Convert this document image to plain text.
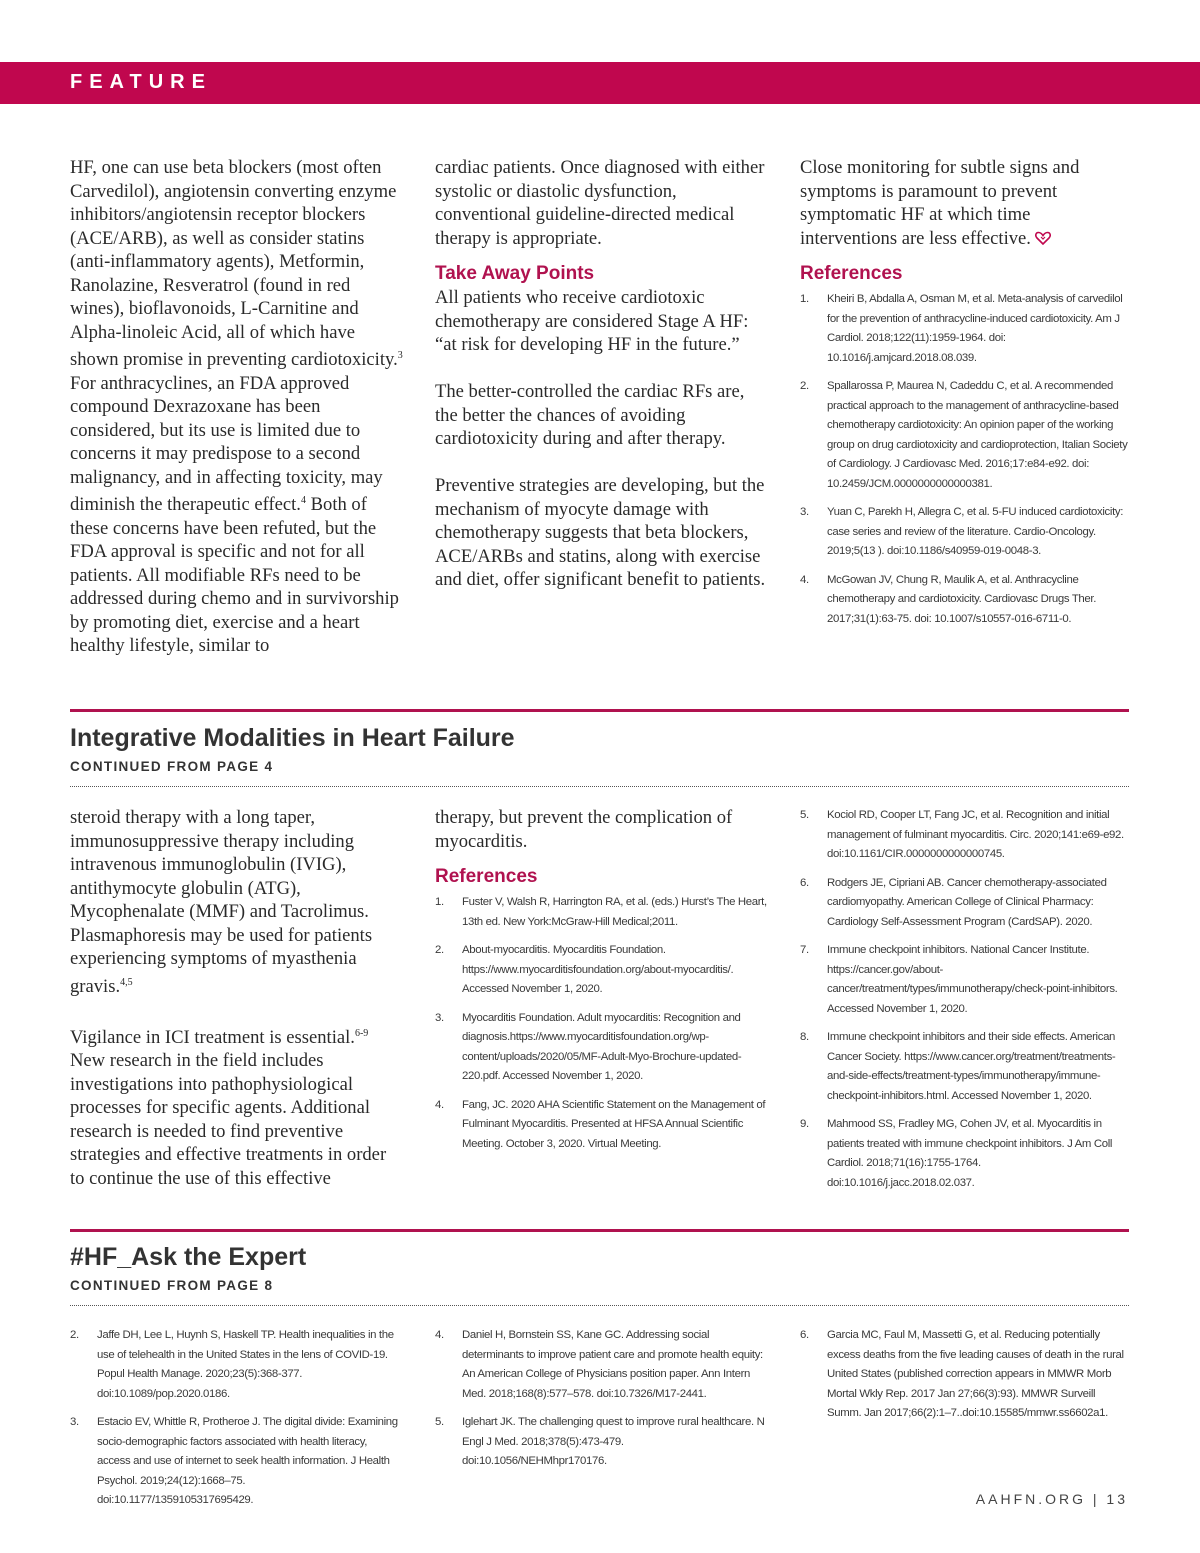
FEATURE

HF, one can use beta blockers (most often Carvedilol), angiotensin converting enzyme inhibitors/angiotensin receptor blockers (ACE/ARB), as well as consider statins (anti-inflammatory agents), Metformin, Ranolazine, Resveratrol (found in red wines), bioflavonoids, L-Carnitine and Alpha-linoleic Acid, all of which have shown promise in preventing cardiotoxicity.$^3$ For anthracyclines, an FDA approved compound Dexrazoxane has been considered, but its use is limited due to concerns it may predispose to a second malignancy, and in affecting toxicity, may diminish the therapeutic effect.$^4$ Both of these concerns have been refuted, but the FDA approval is specific and not for all patients. All modifiable RFs need to be addressed during chemo and in survivorship by promoting diet, exercise and a heart healthy lifestyle, similar to

cardiac patients. Once diagnosed with either systolic or diastolic dysfunction, conventional guideline-directed medical therapy is appropriate.

Take Away Points

All patients who receive cardiotoxic chemotherapy are considered Stage A HF: “at risk for developing HF in the future.”

The better-controlled the cardiac RFs are, the better the chances of avoiding cardiotoxicity during and after therapy.

Preventive strategies are developing, but the mechanism of myocyte damage with chemotherapy suggests that beta blockers, ACE/ARBs and statins, along with exercise and diet, offer significant benefit to patients.

Close monitoring for subtle signs and symptoms is paramount to prevent symptomatic HF at which time interventions are less effective.

References

1. Kheiri B, Abdalla A, Osman M, et al. Meta-analysis of carvedilol for the prevention of anthracycline-induced cardiotoxicity. Am J Cardiol. 2018;122(11):1959-1964. doi: 10.1016/j.amjcard.2018.08.039.
2. Spallarossa P, Maurea N, Cadeddu C, et al. A recommended practical approach to the management of anthracycline-based chemotherapy cardiotoxicity: An opinion paper of the working group on drug cardiotoxicity and cardioprotection, Italian Society of Cardiology. J Cardiovasc Med. 2016;17:e84-e92. doi: 10.2459/JCM.0000000000000381.
3. Yuan C, Parekh H, Allegra C, et al. 5-FU induced cardiotoxicity: case series and review of the literature. Cardio-Oncology. 2019;5(13 ). doi:10.1186/s40959-019-0048-3.
4. McGowan JV, Chung R, Maulik A, et al. Anthracycline chemotherapy and cardiotoxicity. Cardiovasc Drugs Ther. 2017;31(1):63-75. doi: 10.1007/s10557-016-6711-0.
Integrative Modalities in Heart Failure
CONTINUED FROM PAGE 4

steroid therapy with a long taper, immunosuppressive therapy including intravenous immunoglobulin (IVIG), antithymocyte globulin (ATG), Mycophenalate (MMF) and Tacrolimus. Plasmaphoresis may be used for patients experiencing symptoms of myasthenia gravis.$^{4,5}$

Vigilance in ICI treatment is essential.$^{6-9}$ New research in the field includes investigations into pathophysiological processes for specific agents. Additional research is needed to find preventive strategies and effective treatments in order to continue the use of this effective

therapy, but prevent the complication of myocarditis.

References

1. Fuster V, Walsh R, Harrington RA, et al. (eds.) Hurst’s The Heart, 13th ed. New York:McGraw-Hill Medical;2011.
2. About-myocarditis. Myocarditis Foundation. https://www.myocarditisfoundation.org/about-myocarditis/. Accessed November 1, 2020.
3. Myocarditis Foundation. Adult myocarditis: Recognition and diagnosis.https://www.myocarditisfoundation.org/wp-content/uploads/2020/05/MF-Adult-Myo-Brochure-updated-220.pdf. Accessed November 1, 2020.
4. Fang, JC. 2020 AHA Scientific Statement on the Management of Fulminant Myocarditis. Presented at HFSA Annual Scientific Meeting. October 3, 2020. Virtual Meeting.
5. Kociol RD, Cooper LT, Fang JC, et al. Recognition and initial management of fulminant myocarditis. Circ. 2020;141:e69-e92. doi:10.1161/CIR.0000000000000745.
6. Rodgers JE, Cipriani AB. Cancer chemotherapy-associated cardiomyopathy. American College of Clinical Pharmacy: Cardiology Self-Assessment Program (CardSAP). 2020.
7. Immune checkpoint inhibitors. National Cancer Institute. https://cancer.gov/about-cancer/treatment/types/immunotherapy/check-point-inhibitors. Accessed November 1, 2020.
8. Immune checkpoint inhibitors and their side effects. American Cancer Society. https://www.cancer.org/treatment/treatments-and-side-effects/treatment-types/immunotherapy/immune-checkpoint-inhibitors.html. Accessed November 1, 2020.
9. Mahmood SS, Fradley MG, Cohen JV, et al. Myocarditis in patients treated with immune checkpoint inhibitors. J Am Coll Cardiol. 2018;71(16):1755-1764. doi:10.1016/j.jacc.2018.02.037.
#HF_Ask the Expert
CONTINUED FROM PAGE 8
2. Jaffe DH, Lee L, Huynh S, Haskell TP. Health inequalities in the use of telehealth in the United States in the lens of COVID-19. Popul Health Manage. 2020;23(5):368-377. doi:10.1089/pop.2020.0186.
3. Estacio EV, Whittle R, Protheroe J. The digital divide: Examining socio-demographic factors associated with health literacy, access and use of internet to seek health information. J Health Psychol. 2019;24(12):1668–75. doi:10.1177/1359105317695429.
4. Daniel H, Bornstein SS, Kane GC. Addressing social determinants to improve patient care and promote health equity: An American College of Physicians position paper. Ann Intern Med. 2018;168(8):577–578. doi:10.7326/M17-2441.
5. Iglehart JK. The challenging quest to improve rural healthcare. N Engl J Med. 2018;378(5):473-479. doi:10.1056/NEHMhpr170176.
6. Garcia MC, Faul M, Massetti G, et al. Reducing potentially excess deaths from the five leading causes of death in the rural United States (published correction appears in MMWR Morb Mortal Wkly Rep. 2017 Jan 27;66(3):93). MMWR Surveill Summ. Jan 2017;66(2):1–7..doi:10.15585/mmwr.ss6602a1.
AAHFN.ORG | 13
